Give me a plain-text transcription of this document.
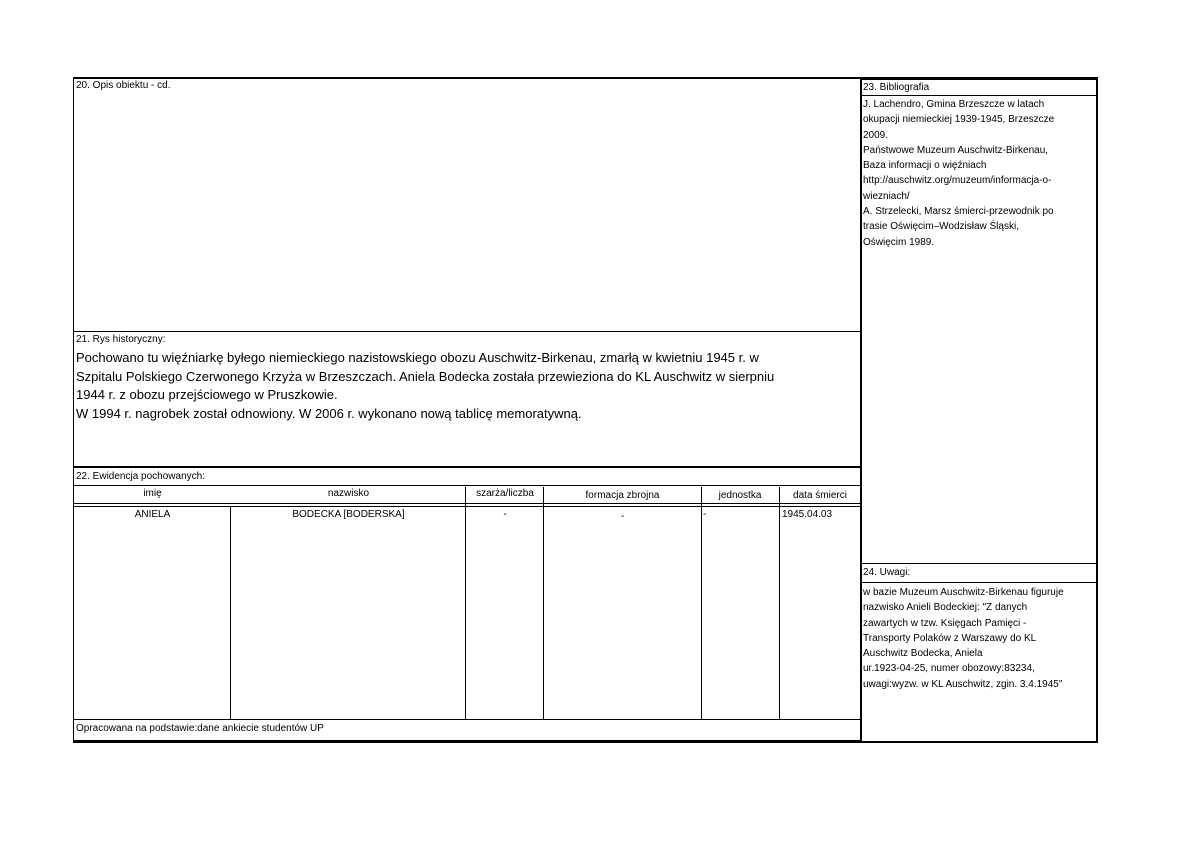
20. Opis obiektu - cd.
21. Rys historyczny:
Pochowano tu więźniarkę byłego niemieckiego nazistowskiego obozu Auschwitz-Birkenau, zmarłą w kwietniu 1945 r. w
Szpitalu Polskiego Czerwonego Krzyża w Brzeszczach. Aniela Bodecka została przewieziona do KL Auschwitz w sierpniu
1944 r. z obozu przejściowego w Pruszkowie.
W 1994 r. nagrobek został odnowiony. W 2006 r. wykonano nową tablicę memoratywną.
22. Ewidencja pochowanych:
imię	nazwisko	szarża/liczba	formacja zbrojna	jednostka	data śmierci
ANIELA	BODECKA [BODERSKA]	-	-	-	1945.04.03
Opracowana na podstawie:dane ankiecie studentów UP
23. Bibliografia
J. Lachendro, Gmina Brzeszcze w latach
okupacji niemieckiej 1939-1945, Brzeszcze
2009.
Państwowe Muzeum Auschwitz-Birkenau,
Baza informacji o więźniach
http://auschwitz.org/muzeum/informacja-o-
wiezniach/
A. Strzelecki, Marsz śmierci-przewodnik po
trasie Oświęcim–Wodzisław Śląski,
Oświęcim 1989.
24. Uwagi:
w bazie Muzeum Auschwitz-Birkenau figuruje
nazwisko Anieli Bodeckiej: "Z danych
zawartych w tzw. Księgach Pamięci -
Transporty Polaków z Warszawy do KL
Auschwitz Bodecka, Aniela
ur.1923-04-25, numer obozowy:83234,
uwagi:wyzw. w KL Auschwitz, zgin. 3.4.1945"
